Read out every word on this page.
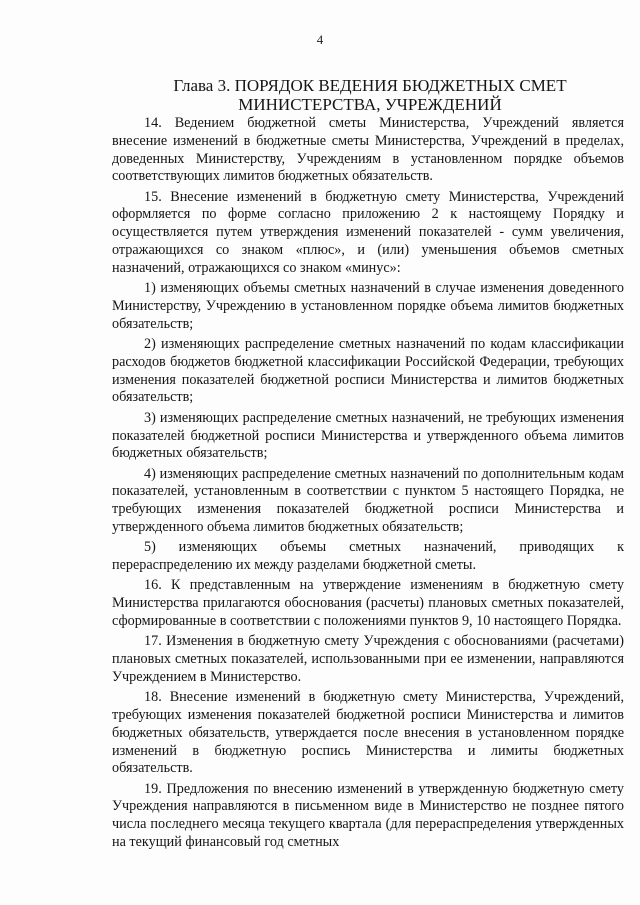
4
Глава 3. ПОРЯДОК ВЕДЕНИЯ БЮДЖЕТНЫХ СМЕТ
МИНИСТЕРСТВА, УЧРЕЖДЕНИЙ

14. Ведением бюджетной сметы Министерства, Учреждений является внесение изменений в бюджетные сметы Министерства, Учреждений в пределах, доведенных Министерству, Учреждениям в установленном порядке объемов соответствующих лимитов бюджетных обязательств.

15. Внесение изменений в бюджетную смету Министерства, Учреждений оформляется по форме согласно приложению 2 к настоящему Порядку и осуществляется путем утверждения изменений показателей - сумм увеличения, отражающихся со знаком «плюс», и (или) уменьшения объемов сметных назначений, отражающихся со знаком «минус»:

1) изменяющих объемы сметных назначений в случае изменения доведенного Министерству, Учреждению в установленном порядке объема лимитов бюджетных обязательств;

2) изменяющих распределение сметных назначений по кодам классификации расходов бюджетов бюджетной классификации Российской Федерации, требующих изменения показателей бюджетной росписи Министерства и лимитов бюджетных обязательств;

3) изменяющих распределение сметных назначений, не требующих изменения показателей бюджетной росписи Министерства и утвержденного объема лимитов бюджетных обязательств;

4) изменяющих распределение сметных назначений по дополнительным кодам показателей, установленным в соответствии с пунктом 5 настоящего Порядка, не требующих изменения показателей бюджетной росписи Министерства и утвержденного объема лимитов бюджетных обязательств;

5) изменяющих объемы сметных назначений, приводящих к перераспределению их между разделами бюджетной сметы.

16. К представленным на утверждение изменениям в бюджетную смету Министерства прилагаются обоснования (расчеты) плановых сметных показателей, сформированные в соответствии с положениями пунктов 9, 10 настоящего Порядка.

17. Изменения в бюджетную смету Учреждения с обоснованиями (расчетами) плановых сметных показателей, использованными при ее изменении, направляются Учреждением в Министерство.

18. Внесение изменений в бюджетную смету Министерства, Учреждений, требующих изменения показателей бюджетной росписи Министерства и лимитов бюджетных обязательств, утверждается после внесения в установленном порядке изменений в бюджетную роспись Министерства и лимиты бюджетных обязательств.

19. Предложения по внесению изменений в утвержденную бюджетную смету Учреждения направляются в письменном виде в Министерство не позднее пятого числа последнего месяца текущего квартала (для перераспределения утвержденных на текущий финансовый год сметных
